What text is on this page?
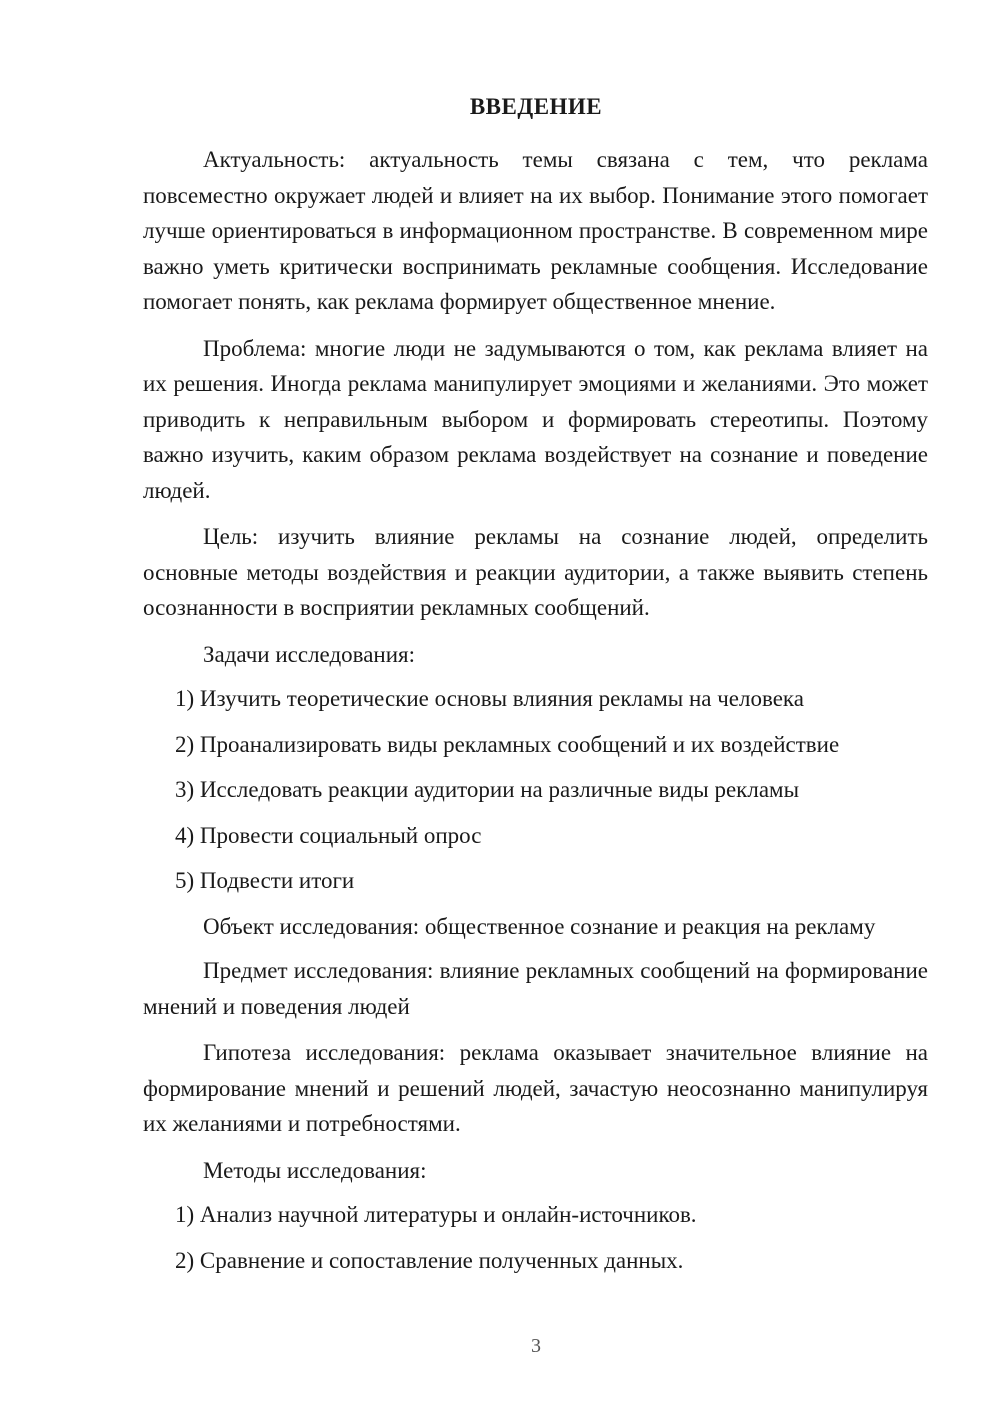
ВВЕДЕНИЕ

Актуальность: актуальность темы связана с тем, что реклама повсеместно окружает людей и влияет на их выбор. Понимание этого помогает лучше ориентироваться в информационном пространстве. В современном мире важно уметь критически воспринимать рекламные сообщения. Исследование помогает понять, как реклама формирует общественное мнение.

Проблема: многие люди не задумываются о том, как реклама влияет на их решения. Иногда реклама манипулирует эмоциями и желаниями. Это может приводить к неправильным выбором и формировать стереотипы. Поэтому важно изучить, каким образом реклама воздействует на сознание и поведение людей.

Цель: изучить влияние рекламы на сознание людей, определить основные методы воздействия и реакции аудитории, а также выявить степень осознанности в восприятии рекламных сообщений.

Задачи исследования:

1) Изучить теоретические основы влияния рекламы на человека
2) Проанализировать виды рекламных сообщений и их воздействие
3) Исследовать реакции аудитории на различные виды рекламы
4) Провести социальный опрос
5) Подвести итоги

Объект исследования: общественное сознание и реакция на рекламу

Предмет исследования: влияние рекламных сообщений на формирование мнений и поведения людей

Гипотеза исследования: реклама оказывает значительное влияние на формирование мнений и решений людей, зачастую неосознанно манипулируя их желаниями и потребностями.

Методы исследования:

1) Анализ научной литературы и онлайн-источников.
2) Сравнение и сопоставление полученных данных.
3
